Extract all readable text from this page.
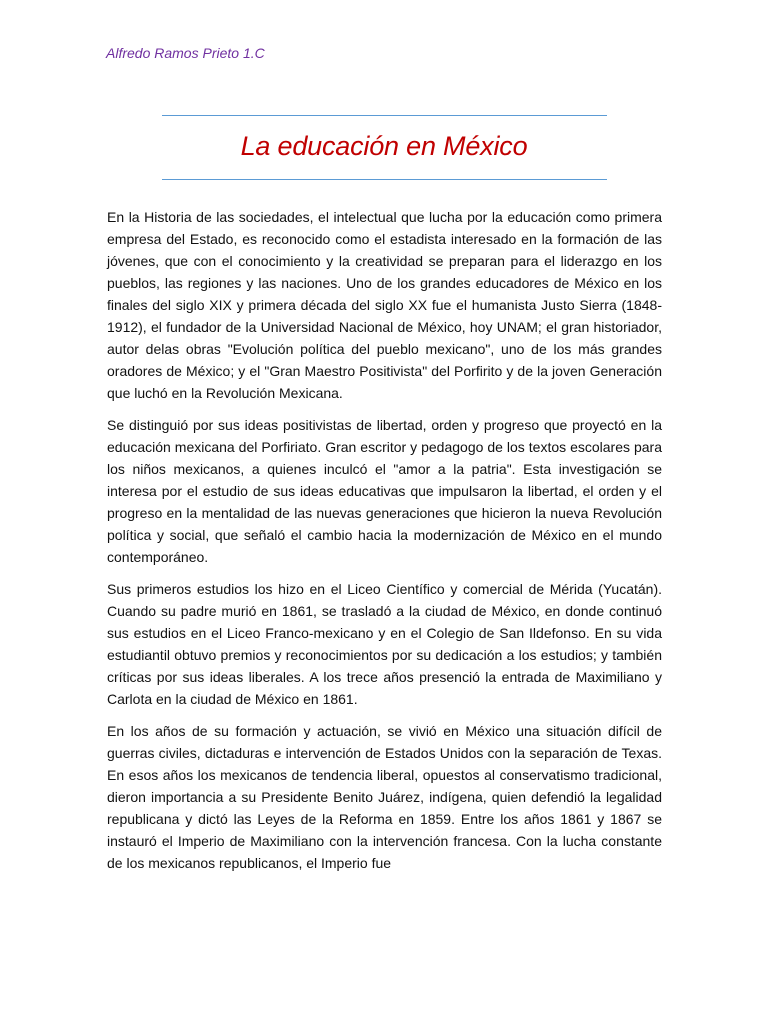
Alfredo Ramos Prieto 1.C
La educación en México

En la Historia de las sociedades, el intelectual que lucha por la educación como primera empresa del Estado, es reconocido como el estadista interesado en la formación de las jóvenes, que con el conocimiento y la creatividad se preparan para el liderazgo en los pueblos, las regiones y las naciones. Uno de los grandes educadores de México en los finales del siglo XIX y primera década del siglo XX fue el humanista Justo Sierra (1848-1912), el fundador de la Universidad Nacional de México, hoy UNAM; el gran historiador, autor delas obras "Evolución política del pueblo mexicano", uno de los más grandes oradores de México; y el "Gran Maestro Positivista" del Porfirito y de la joven Generación que luchó en la Revolución Mexicana.

Se distinguió por sus ideas positivistas de libertad, orden y progreso que proyectó en la educación mexicana del Porfiriato. Gran escritor y pedagogo de los textos escolares para los niños mexicanos, a quienes inculcó el "amor a la patria". Esta investigación se interesa por el estudio de sus ideas educativas que impulsaron la libertad, el orden y el progreso en la mentalidad de las nuevas generaciones que hicieron la nueva Revolución política y social, que señaló el cambio hacia la modernización de México en el mundo contemporáneo.

Sus primeros estudios los hizo en el Liceo Científico y comercial de Mérida (Yucatán). Cuando su padre murió en 1861, se trasladó a la ciudad de México, en donde continuó sus estudios en el Liceo Franco-mexicano y en el Colegio de San Ildefonso. En su vida estudiantil obtuvo premios y reconocimientos por su dedicación a los estudios; y también críticas por sus ideas liberales. A los trece años presenció la entrada de Maximiliano y Carlota en la ciudad de México en 1861.

En los años de su formación y actuación, se vivió en México una situación difícil de guerras civiles, dictaduras e intervención de Estados Unidos con la separación de Texas. En esos años los mexicanos de tendencia liberal, opuestos al conservatismo tradicional, dieron importancia a su Presidente Benito Juárez, indígena, quien defendió la legalidad republicana y dictó las Leyes de la Reforma en 1859. Entre los años 1861 y 1867 se instauró el Imperio de Maximiliano con la intervención francesa. Con la lucha constante de los mexicanos republicanos, el Imperio fue
